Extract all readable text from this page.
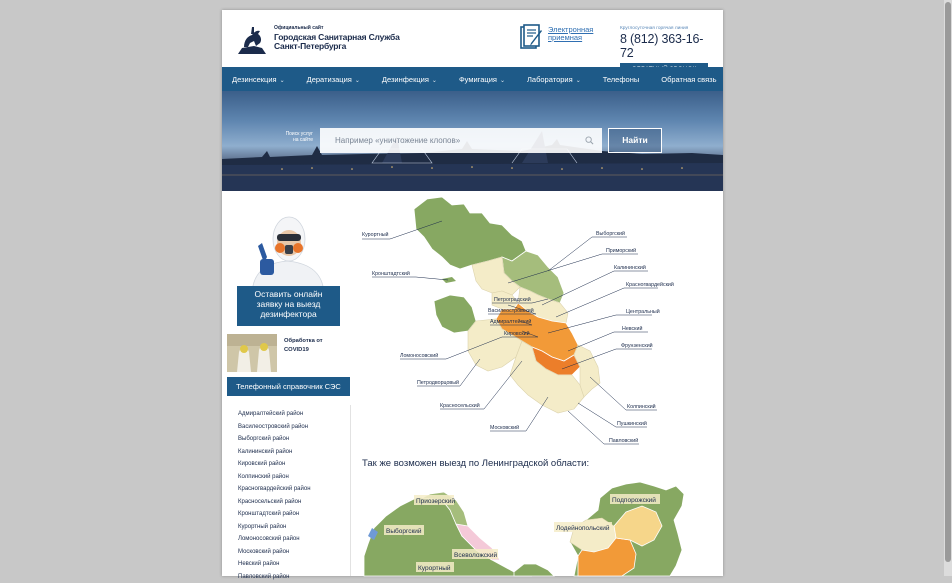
Официальный сайт
Городская Санитарная Служба
Санкт-Петербурга
Электронная
приемная
Круглосуточная горячая линия
8 (812) 363-16-72
Дезинсекция ⌄	Дератизация ⌄	Дезинфекция ⌄	Фумигация ⌄	Лаборатория ⌄	Телефоны	Обратная связь
Поиск услуг
на сайте	Например «уничтожение клопов»	Найти
Оставить онлайн
заявку на выезд
дезинфектора
Обработка от
COVID19
Телефонный справочник СЭС
Адмиралтейский район
Василеостровский район
Выборгский район
Калининский район
Кировский район
Колпинский район
Красногвардейский район
Красносельский район
Кронштадтский район
Курортный район
Ломоносовский район
Московский район
Невский район
Павловский район
Курортный
Кронштадтский
Выборгский
Приморский
Калининский
Красногвардейский
Петроградский
Василеостровский
Адмиралтейский
Центральный
Кировский
Невский
Ломоносовский
Фрунзенский
Петродворцовый
Красносельский	Колпинский
Московский
Пушкинский
Павловский
Так же возможен выезд по Ленинградской области:
Приозерский
Выборгский
Всеволожский
Курортный
Подпорожский
Лодейнопольский
